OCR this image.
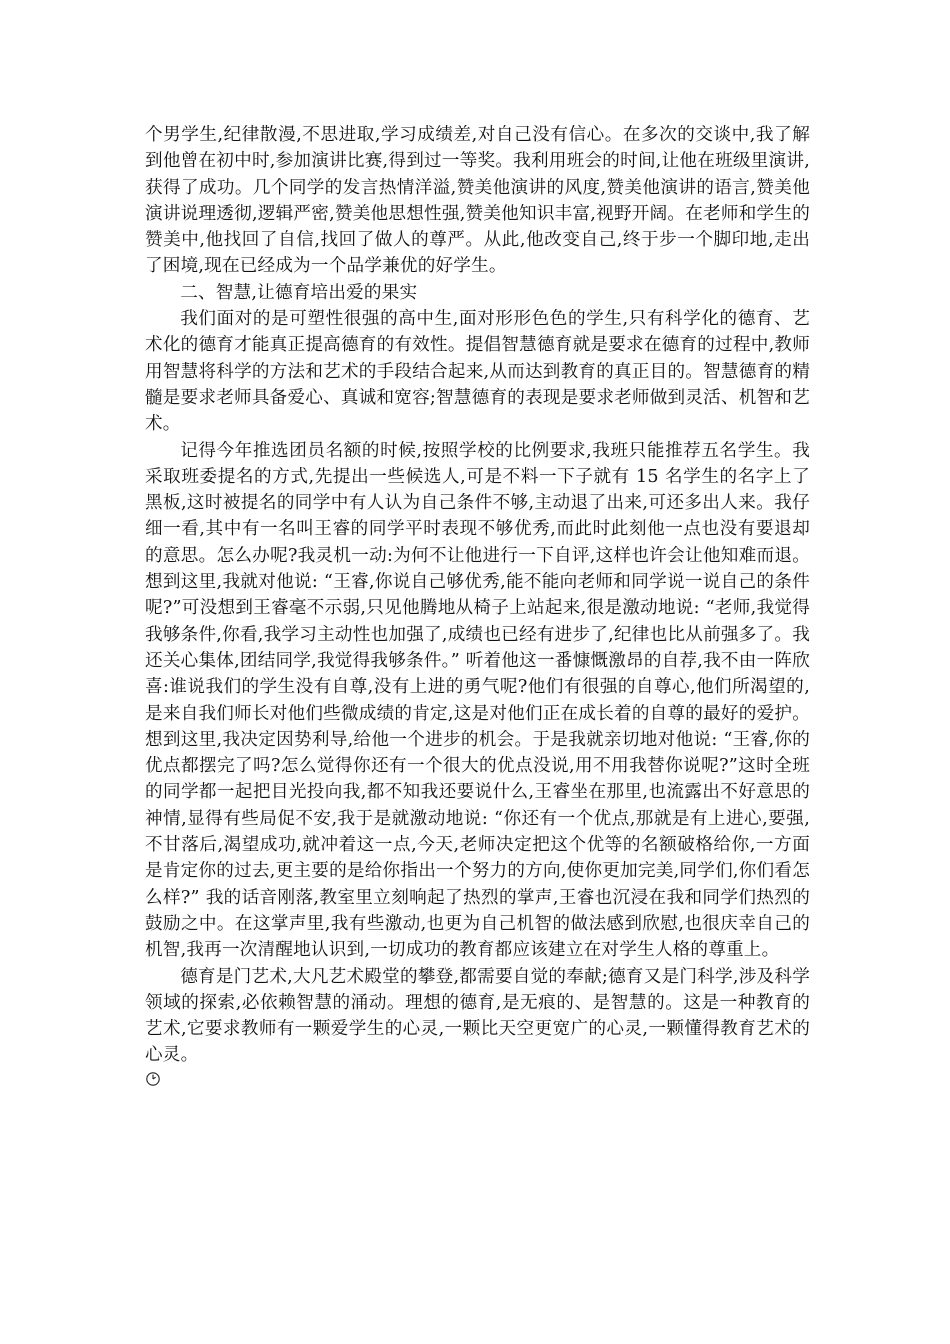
个男学生,纪律散漫,不思进取,学习成绩差,对自己没有信心。在多次的交谈中,我了解到他曾在初中时,参加演讲比赛,得到过一等奖。我利用班会的时间,让他在班级里演讲,获得了成功。几个同学的发言热情洋溢,赞美他演讲的风度,赞美他演讲的语言,赞美他演讲说理透彻,逻辑严密,赞美他思想性强,赞美他知识丰富,视野开阔。在老师和学生的赞美中,他找回了自信,找回了做人的尊严。从此,他改变自己,终于步一个脚印地,走出了困境,现在已经成为一个品学兼优的好学生。

二、智慧,让德育培出爱的果实

我们面对的是可塑性很强的高中生,面对形形色色的学生,只有科学化的德育、艺术化的德育才能真正提高德育的有效性。提倡智慧德育就是要求在德育的过程中,教师用智慧将科学的方法和艺术的手段结合起来,从而达到教育的真正目的。智慧德育的精髓是要求老师具备爱心、真诚和宽容;智慧德育的表现是要求老师做到灵活、机智和艺术。

记得今年推选团员名额的时候,按照学校的比例要求,我班只能推荐五名学生。我采取班委提名的方式,先提出一些候选人,可是不料一下子就有 15 名学生的名字上了黑板,这时被提名的同学中有人认为自己条件不够,主动退了出来,可还多出人来。我仔细一看,其中有一名叫王睿的同学平时表现不够优秀,而此时此刻他一点也没有要退却的意思。怎么办呢?我灵机一动:为何不让他进行一下自评,这样也许会让他知难而退。想到这里,我就对他说: “王睿,你说自己够优秀,能不能向老师和同学说一说自己的条件呢?”可没想到王睿毫不示弱,只见他腾地从椅子上站起来,很是激动地说: “老师,我觉得我够条件,你看,我学习主动性也加强了,成绩也已经有进步了,纪律也比从前强多了。我还关心集体,团结同学,我觉得我够条件。” 听着他这一番慷慨激昂的自荐,我不由一阵欣喜:谁说我们的学生没有自尊,没有上进的勇气呢?他们有很强的自尊心,他们所渴望的,是来自我们师长对他们些微成绩的肯定,这是对他们正在成长着的自尊的最好的爱护。想到这里,我决定因势利导,给他一个进步的机会。于是我就亲切地对他说: “王睿,你的优点都摆完了吗?怎么觉得你还有一个很大的优点没说,用不用我替你说呢?”这时全班的同学都一起把目光投向我,都不知我还要说什么,王睿坐在那里,也流露出不好意思的神情,显得有些局促不安,我于是就激动地说: “你还有一个优点,那就是有上进心,要强,不甘落后,渴望成功,就冲着这一点,今天,老师决定把这个优等的名额破格给你,一方面是肯定你的过去,更主要的是给你指出一个努力的方向,使你更加完美,同学们,你们看怎么样?” 我的话音刚落,教室里立刻响起了热烈的掌声,王睿也沉浸在我和同学们热烈的鼓励之中。在这掌声里,我有些激动,也更为自己机智的做法感到欣慰,也很庆幸自己的机智,我再一次清醒地认识到,一切成功的教育都应该建立在对学生人格的尊重上。

德育是门艺术,大凡艺术殿堂的攀登,都需要自觉的奉献;德育又是门科学,涉及科学领域的探索,必依赖智慧的涌动。理想的德育,是无痕的、是智慧的。这是一种教育的艺术,它要求教师有一颗爱学生的心灵,一颗比天空更宽广的心灵,一颗懂得教育艺术的心灵。
